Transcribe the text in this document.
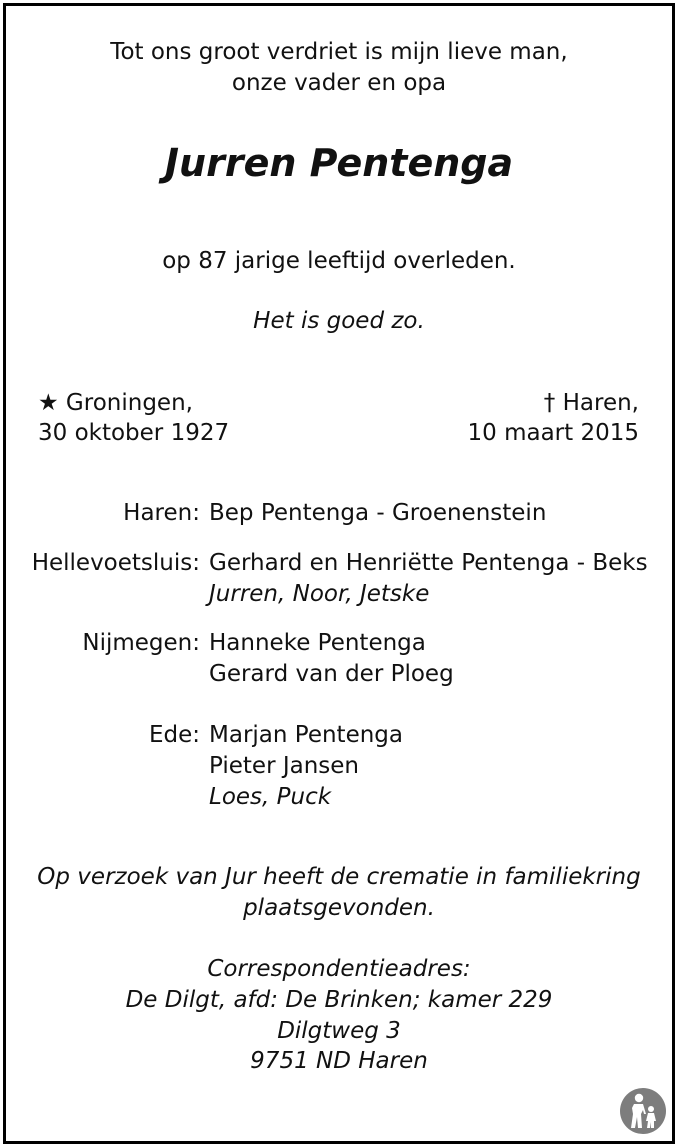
Tot ons groot verdriet is mijn lieve man,
onze vader en opa
Jurren Pentenga
op 87 jarige leeftijd overleden.
Het is goed zo.
★ Groningen,
30 oktober 1927
† Haren,
10 maart 2015
Haren: Bep Pentenga - Groenenstein
Hellevoetsluis: Gerhard en Henriëtte Pentenga - Beks
Jurren, Noor, Jetske
Nijmegen: Hanneke Pentenga
Gerard van der Ploeg
Ede: Marjan Pentenga
Pieter Jansen
Loes, Puck
Op verzoek van Jur heeft de crematie in familiekring
plaatsgevonden.
Correspondentieadres:
De Dilgt, afd: De Brinken; kamer 229
Dilgtweg 3
9751 ND Haren
